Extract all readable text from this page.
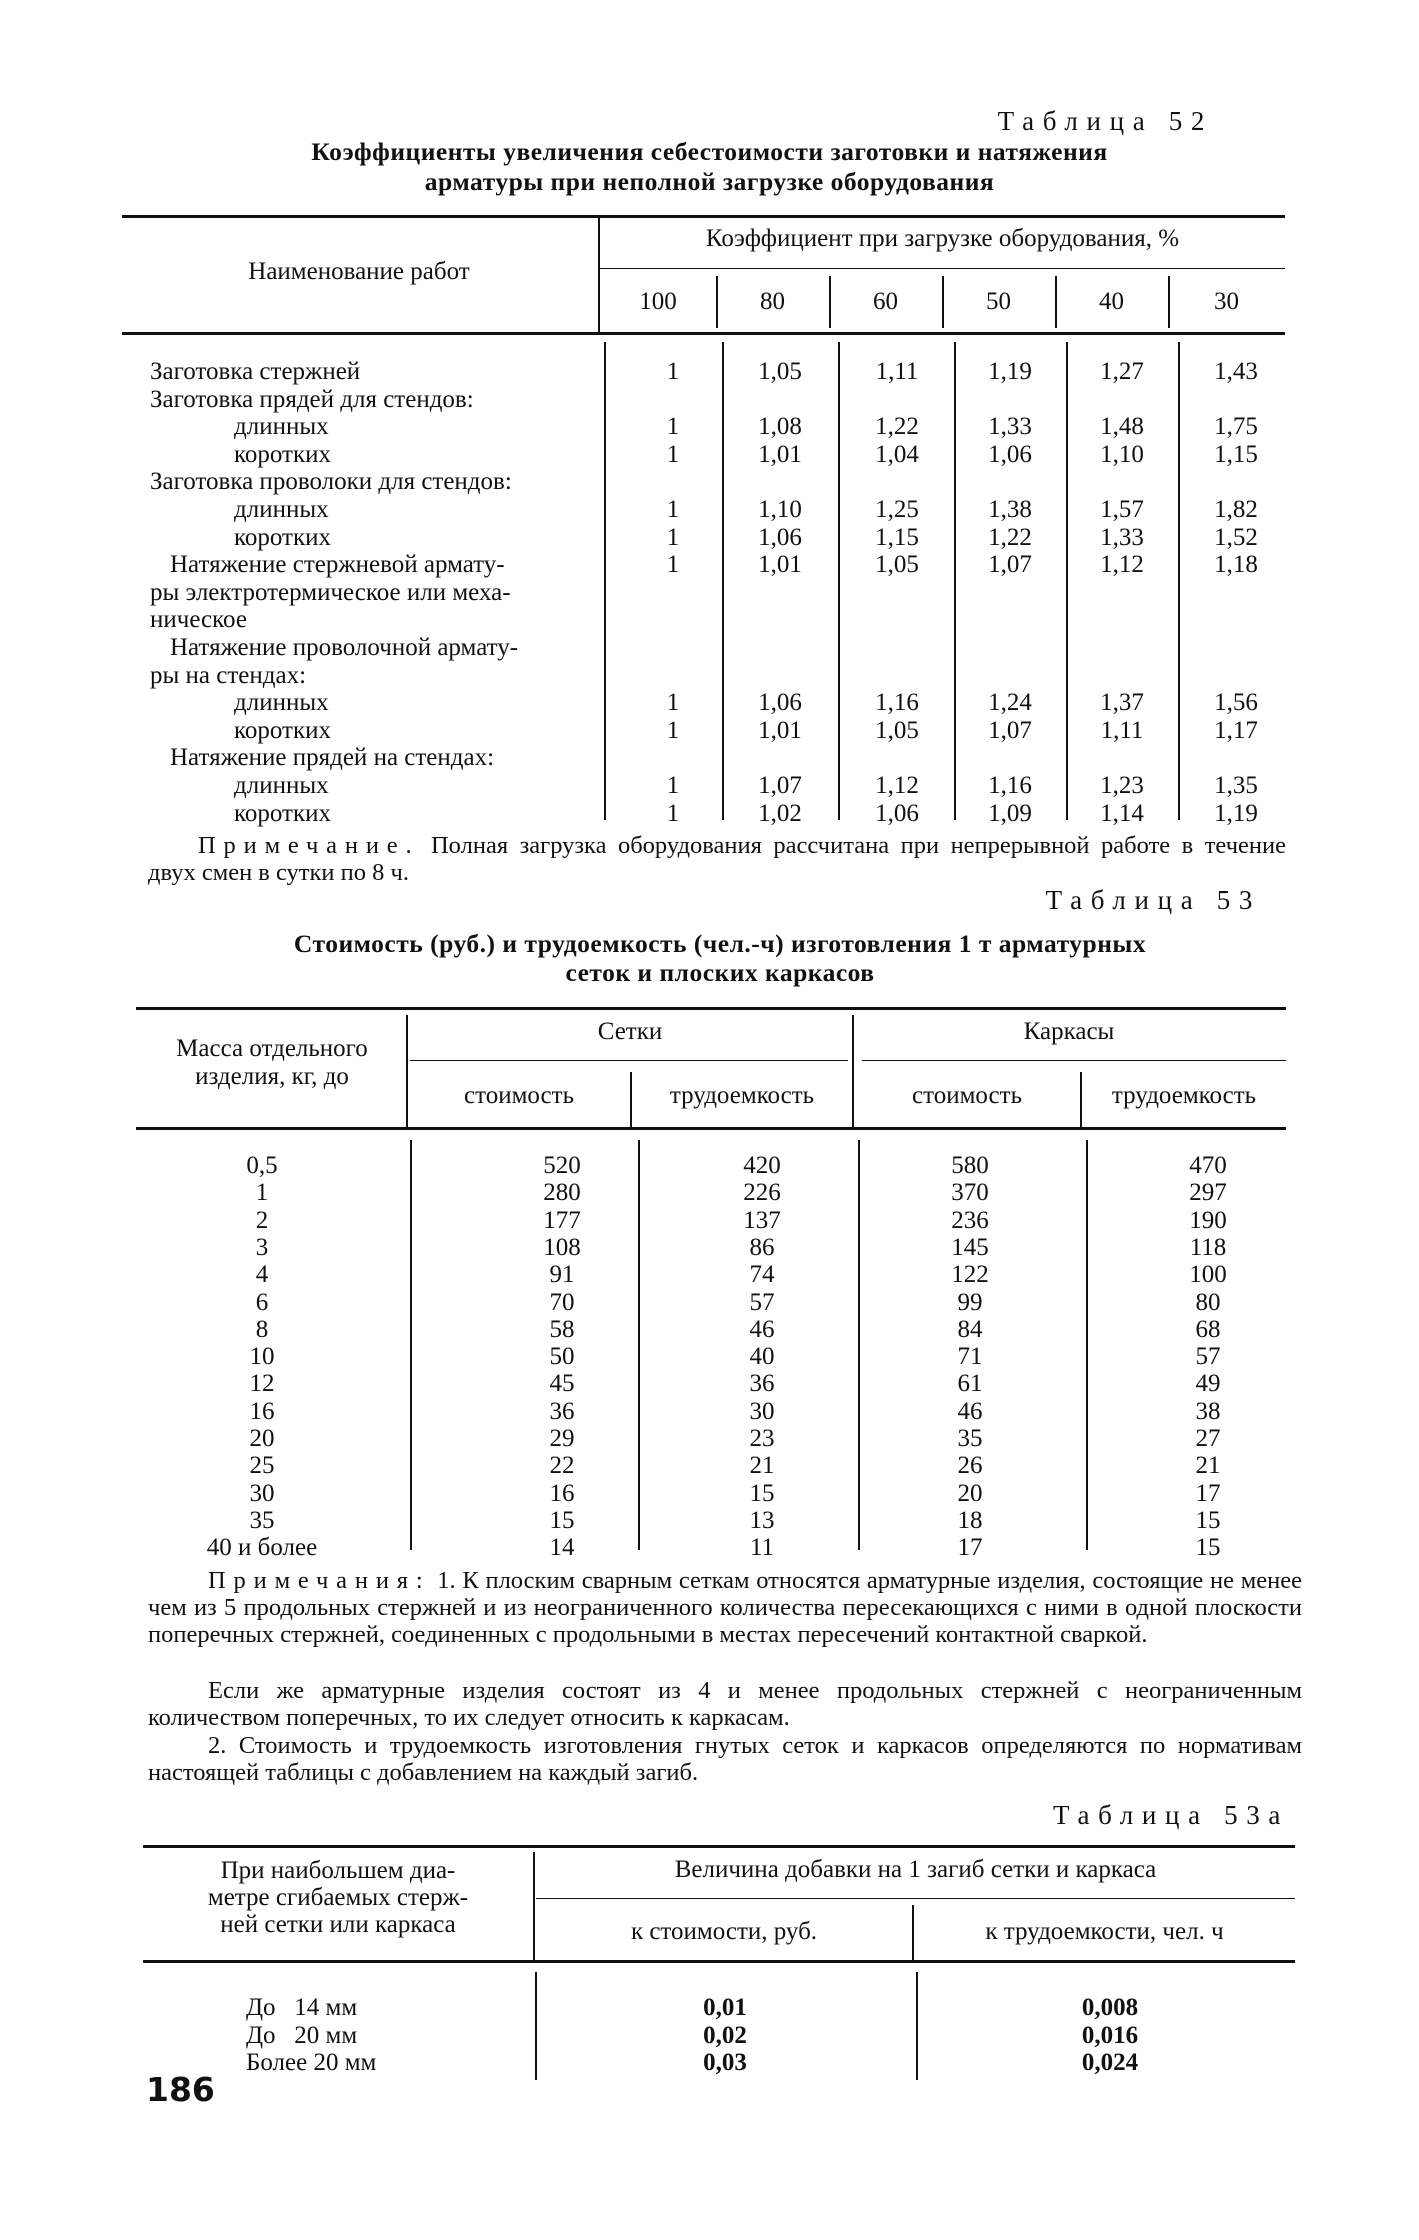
Таблица 52
Коэффициенты увеличения себестоимости заготовки и натяжения
арматуры при неполной загрузке оборудования
Наименование работ
Коэффициент при загрузке оборудования, %
100	80	60	50	40	30
Заготовка стержней	1	1,05	1,11	1,19	1,27	1,43
Заготовка прядей для стендов:
длинных	1	1,08	1,22	1,33	1,48	1,75
коротких	1	1,01	1,04	1,06	1,10	1,15
Заготовка проволоки для стендов:
длинных	1	1,10	1,25	1,38	1,57	1,82
коротких	1	1,06	1,15	1,22	1,33	1,52
Натяжение стержневой армату-	1	1,01	1,05	1,07	1,12	1,18
ры электротермическое или меха-
ническое
Натяжение проволочной армату-
ры на стендах:
длинных	1	1,06	1,16	1,24	1,37	1,56
коротких	1	1,01	1,05	1,07	1,11	1,17
Натяжение прядей на стендах:
длинных	1	1,07	1,12	1,16	1,23	1,35
коротких	1	1,02	1,06	1,09	1,14	1,19
Примечание. Полная загрузка оборудования рассчитана при непрерывной работе в течение двух смен в сутки по 8 ч.
Таблица 53
Стоимость (руб.) и трудоемкость (чел.-ч) изготовления 1 т арматурных
сеток и плоских каркасов
Масса отдельного
изделия, кг, до
Сетки	Каркасы
стоимость	трудоемкость	стоимость	трудоемкость
0,5	520	420	580	470
1	280	226	370	297
2	177	137	236	190
3	108	86	145	118
4	91	74	122	100
6	70	57	99	80
8	58	46	84	68
10	50	40	71	57
12	45	36	61	49
16	36	30	46	38
20	29	23	35	27
25	22	21	26	21
30	16	15	20	17
35	15	13	18	15
40 и более	14	11	17	15
Примечания: 1. К плоским сварным сеткам относятся арматурные изделия, состоящие не менее чем из 5 продольных стержней и из неограниченного количества пересекающихся с ними в одной плоскости поперечных стержней, соединенных с продольными в местах пересечений контактной сваркой.
Если же арматурные изделия состоят из 4 и менее продольных стержней с неограниченным количеством поперечных, то их следует относить к каркасам.
2. Стоимость и трудоемкость изготовления гнутых сеток и каркасов определяются по нормативам настоящей таблицы с добавлением на каждый загиб.
Таблица 53а
При наибольшем диа-
метре сгибаемых стерж-
ней сетки или каркаса
Величина добавки на 1 загиб сетки и каркаса
к стоимости, руб.	к трудоемкости, чел. ч
До   14 мм	0,01	0,008
До   20 мм	0,02	0,016
Более 20 мм	0,03	0,024
186
